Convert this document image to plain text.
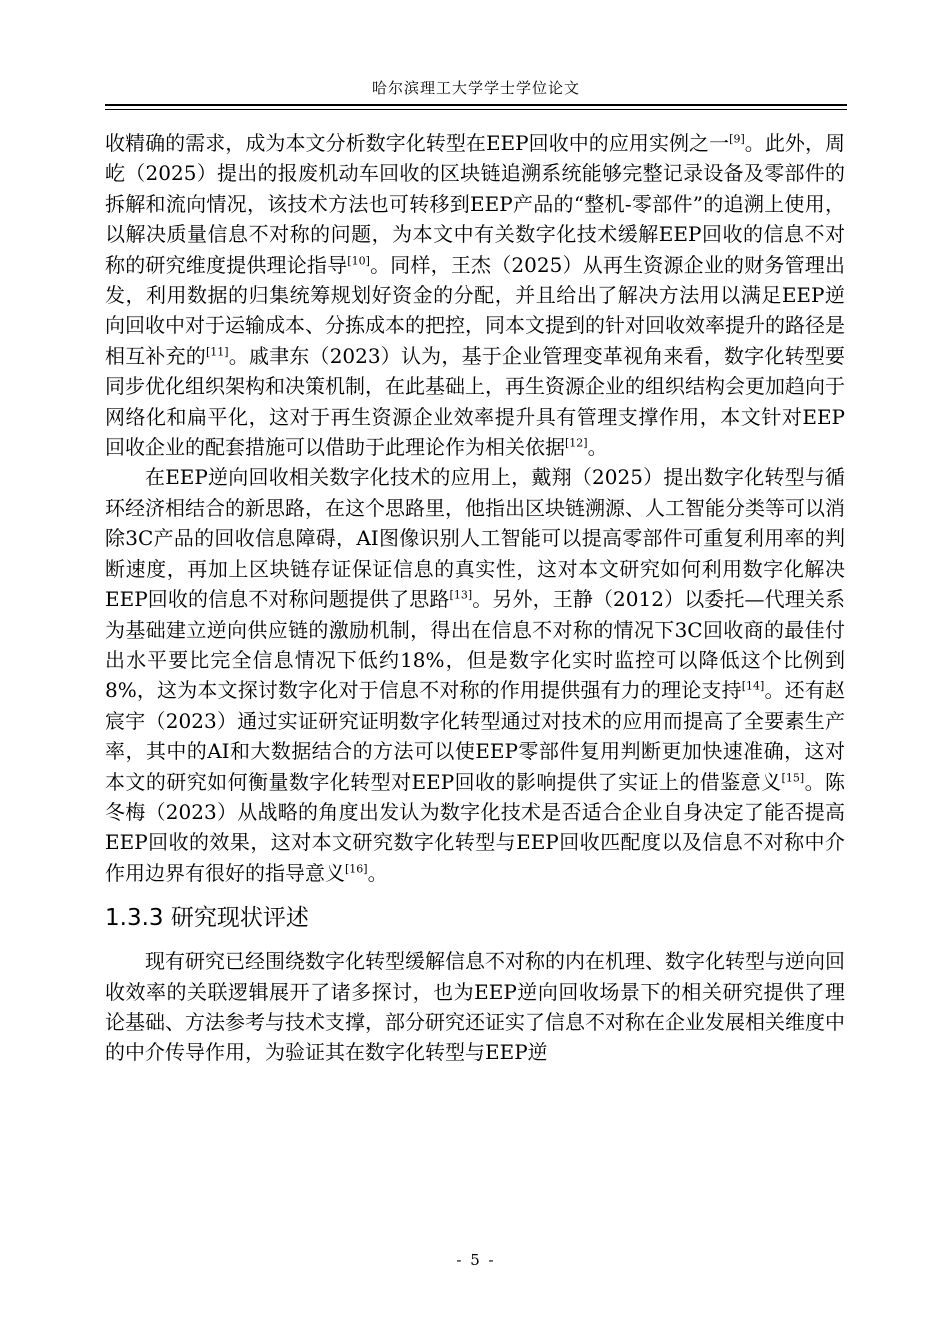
哈尔滨理工大学学士学位论文

收精确的需求，成为本文分析数字化转型在EEP回收中的应用实例之一[9]。此外，周屹（2025）提出的报废机动车回收的区块链追溯系统能够完整记录设备及零部件的拆解和流向情况，该技术方法也可转移到EEP产品的“整机-零部件”的追溯上使用，以解决质量信息不对称的问题，为本文中有关数字化技术缓解EEP回收的信息不对称的研究维度提供理论指导[10]。同样，王杰（2025）从再生资源企业的财务管理出发，利用数据的归集统筹规划好资金的分配，并且给出了解决方法用以满足EEP逆向回收中对于运输成本、分拣成本的把控，同本文提到的针对回收效率提升的路径是相互补充的[11]。戚聿东（2023）认为，基于企业管理变革视角来看，数字化转型要同步优化组织架构和决策机制，在此基础上，再生资源企业的组织结构会更加趋向于网络化和扁平化，这对于再生资源企业效率提升具有管理支撑作用，本文针对EEP回收企业的配套措施可以借助于此理论作为相关依据[12]。

在EEP逆向回收相关数字化技术的应用上，戴翔（2025）提出数字化转型与循环经济相结合的新思路，在这个思路里，他指出区块链溯源、人工智能分类等可以消除3C产品的回收信息障碍，AI图像识别人工智能可以提高零部件可重复利用率的判断速度，再加上区块链存证保证信息的真实性，这对本文研究如何利用数字化解决EEP回收的信息不对称问题提供了思路[13]。另外，王静（2012）以委托—代理关系为基础建立逆向供应链的激励机制，得出在信息不对称的情况下3C回收商的最佳付出水平要比完全信息情况下低约18%，但是数字化实时监控可以降低这个比例到8%，这为本文探讨数字化对于信息不对称的作用提供强有力的理论支持[14]。还有赵宸宇（2023）通过实证研究证明数字化转型通过对技术的应用而提高了全要素生产率，其中的AI和大数据结合的方法可以使EEP零部件复用判断更加快速准确，这对本文的研究如何衡量数字化转型对EEP回收的影响提供了实证上的借鉴意义[15]。陈冬梅（2023）从战略的角度出发认为数字化技术是否适合企业自身决定了能否提高EEP回收的效果，这对本文研究数字化转型与EEP回收匹配度以及信息不对称中介作用边界有很好的指导意义[16]。

1.3.3 研究现状评述

现有研究已经围绕数字化转型缓解信息不对称的内在机理、数字化转型与逆向回收效率的关联逻辑展开了诸多探讨，也为EEP逆向回收场景下的相关研究提供了理论基础、方法参考与技术支撑，部分研究还证实了信息不对称在企业发展相关维度中的中介传导作用，为验证其在数字化转型与EEP逆

- 5 -
